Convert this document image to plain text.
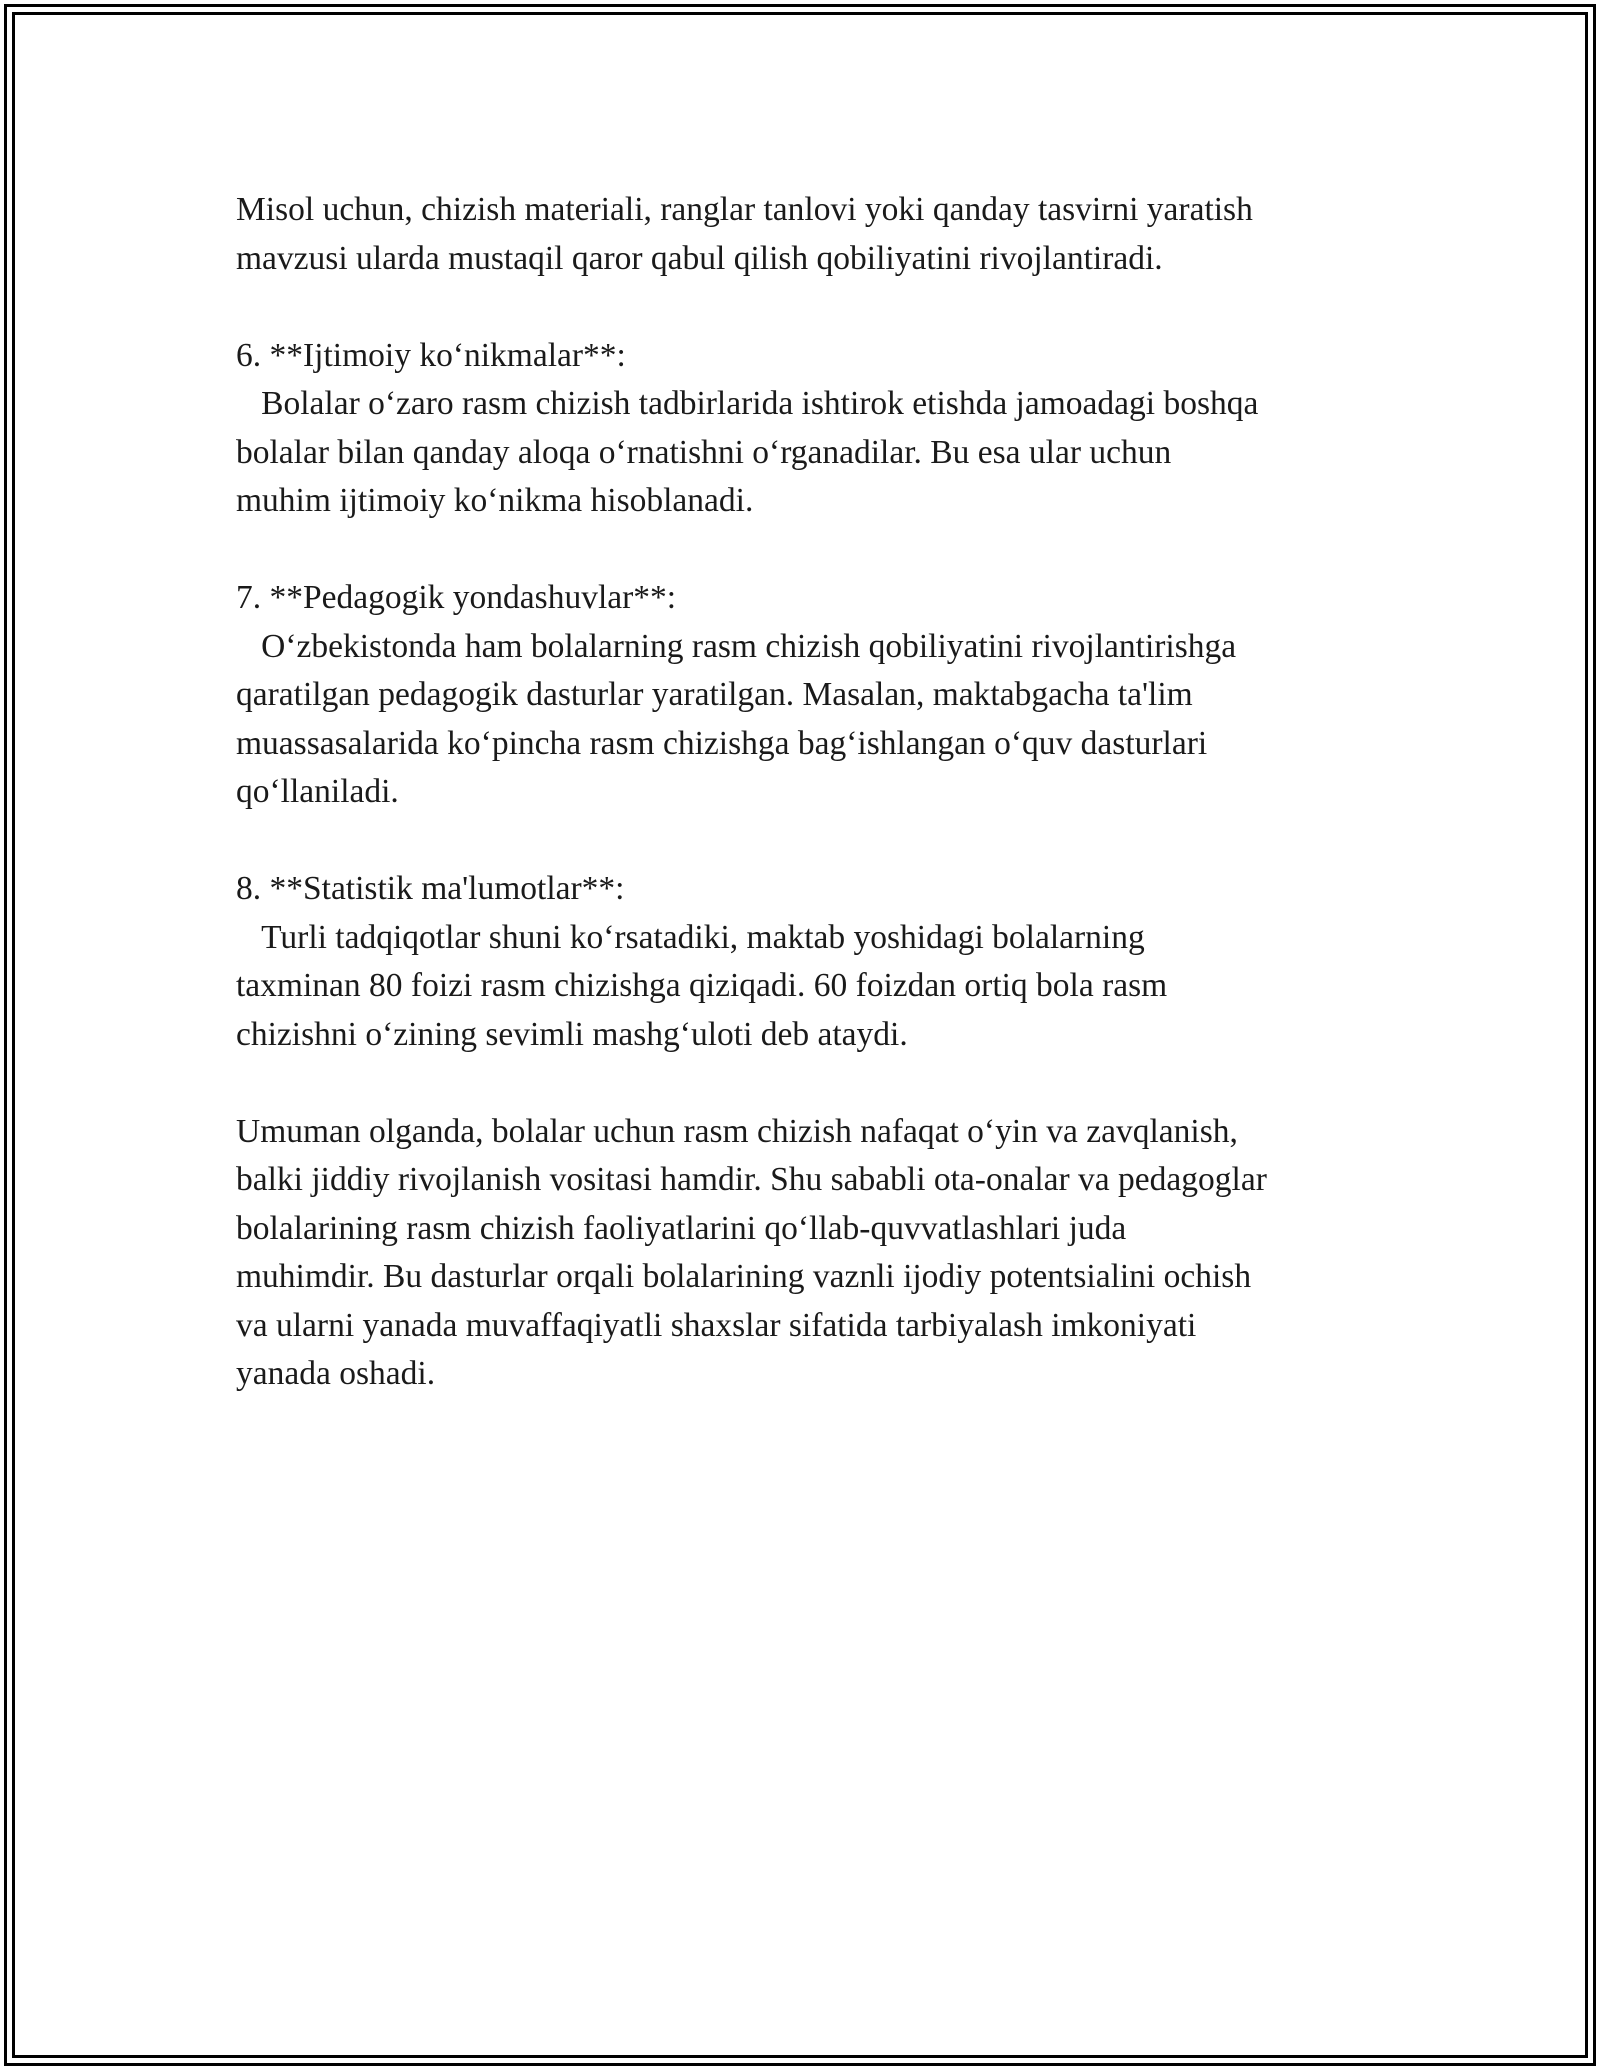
Misol uchun, chizish materiali, ranglar tanlovi yoki qanday tasvirni yaratish
mavzusi ularda mustaqil qaror qabul qilish qobiliyatini rivojlantiradi.

6. **Ijtimoiy ko‘nikmalar**:

Bolalar o‘zaro rasm chizish tadbirlarida ishtirok etishda jamoadagi boshqa
bolalar bilan qanday aloqa o‘rnatishni o‘rganadilar. Bu esa ular uchun
muhim ijtimoiy ko‘nikma hisoblanadi.

7. **Pedagogik yondashuvlar**:

O‘zbekistonda ham bolalarning rasm chizish qobiliyatini rivojlantirishga
qaratilgan pedagogik dasturlar yaratilgan. Masalan, maktabgacha ta'lim
muassasalarida ko‘pincha rasm chizishga bag‘ishlangan o‘quv dasturlari
qo‘llaniladi.

8. **Statistik ma'lumotlar**:

Turli tadqiqotlar shuni ko‘rsatadiki, maktab yoshidagi bolalarning
taxminan 80 foizi rasm chizishga qiziqadi. 60 foizdan ortiq bola rasm
chizishni o‘zining sevimli mashg‘uloti deb ataydi.

Umuman olganda, bolalar uchun rasm chizish nafaqat o‘yin va zavqlanish,
balki jiddiy rivojlanish vositasi hamdir. Shu sababli ota-onalar va pedagoglar
bolalarining rasm chizish faoliyatlarini qo‘llab-quvvatlashlari juda
muhimdir. Bu dasturlar orqali bolalarining vaznli ijodiy potentsialini ochish
va ularni yanada muvaffaqiyatli shaxslar sifatida tarbiyalash imkoniyati
yanada oshadi.
